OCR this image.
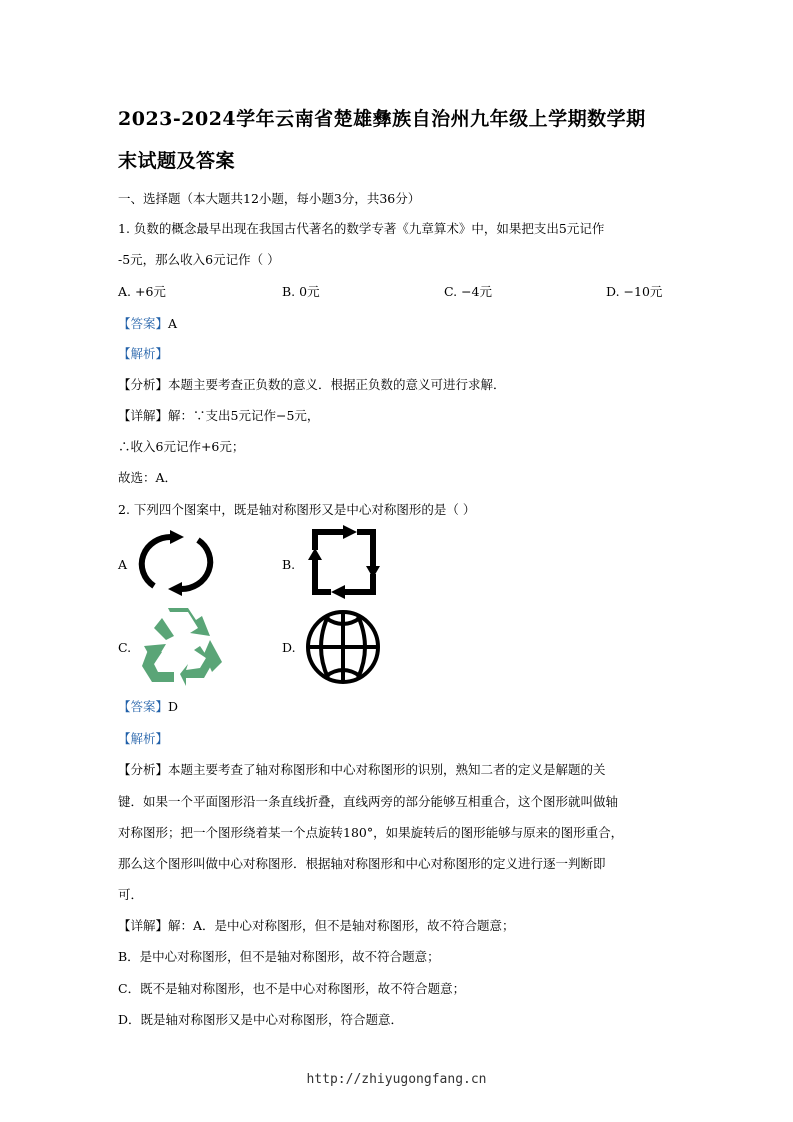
2023-2024学年云南省楚雄彝族自治州九年级上学期数学期
末试题及答案
一、选择题（本大题共12小题，每小题3分，共36分）
1. 负数的概念最早出现在我国古代著名的数学专著《九章算术》中，如果把支出5元记作
-5元，那么收入6元记作（ ）
A. +6元	B. 0元	C. −4元	D. −10元
【答案】A
【解析】
【分析】本题主要考查正负数的意义．根据正负数的意义可进行求解．
【详解】解：∵支出5元记作−5元，
∴收入6元记作+6元；
故选：A．
2. 下列四个图案中，既是轴对称图形又是中心对称图形的是（ ）
A	B.
C.	D.
【答案】D
【解析】
【分析】本题主要考查了轴对称图形和中心对称图形的识别，熟知二者的定义是解题的关
键．如果一个平面图形沿一条直线折叠，直线两旁的部分能够互相重合，这个图形就叫做轴
对称图形；把一个图形绕着某一个点旋转180°，如果旋转后的图形能够与原来的图形重合，
那么这个图形叫做中心对称图形．根据轴对称图形和中心对称图形的定义进行逐一判断即
可．
【详解】解：A．是中心对称图形，但不是轴对称图形，故不符合题意；
B．是中心对称图形，但不是轴对称图形，故不符合题意；
C．既不是轴对称图形，也不是中心对称图形，故不符合题意；
D．既是轴对称图形又是中心对称图形，符合题意．
http://zhiyugongfang.cn
